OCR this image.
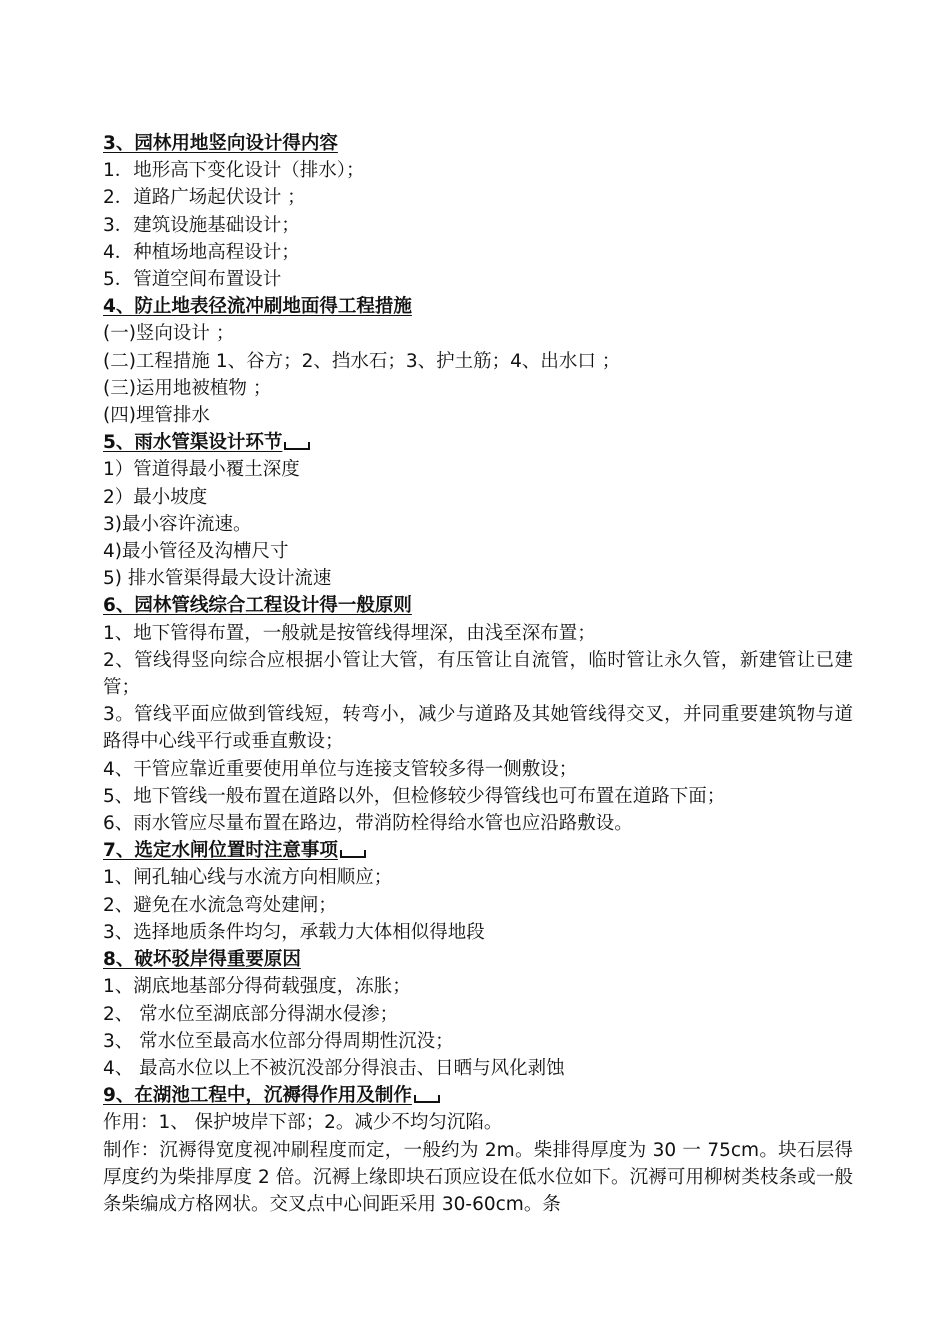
3、园林用地竖向设计得内容
1．地形高下变化设计（排水）；
2．道路广场起伏设计 ；
3．建筑设施基础设计；
4．种植场地高程设计；
5．管道空间布置设计
4、防止地表径流冲刷地面得工程措施
(一)竖向设计 ；
(二)工程措施 1、谷方；2、挡水石；3、护土筋；4、出水口 ；
(三)运用地被植物 ；
(四)埋管排水
5、雨水管渠设计环节
1）管道得最小覆土深度
2）最小坡度
3)最小容许流速。
4)最小管径及沟槽尺寸
5) 排水管渠得最大设计流速
6、园林管线综合工程设计得一般原则
1、地下管得布置，一般就是按管线得埋深，由浅至深布置；
2、管线得竖向综合应根据小管让大管，有压管让自流管，临时管让永久管，新建管让已建管；
3。管线平面应做到管线短，转弯小，减少与道路及其她管线得交叉，并同重要建筑物与道路得中心线平行或垂直敷设；
4、干管应靠近重要使用单位与连接支管较多得一侧敷设；
5、地下管线一般布置在道路以外，但检修较少得管线也可布置在道路下面；
6、雨水管应尽量布置在路边，带消防栓得给水管也应沿路敷设。
7、选定水闸位置时注意事项
1、闸孔轴心线与水流方向相顺应；
2、避免在水流急弯处建闸；
3、选择地质条件均匀，承载力大体相似得地段
8、破坏驳岸得重要原因
1、湖底地基部分得荷载强度，冻胀；
2、 常水位至湖底部分得湖水侵渗；
3、 常水位至最高水位部分得周期性沉没；
4、 最高水位以上不被沉没部分得浪击、日晒与风化剥蚀
9、在湖池工程中，沉褥得作用及制作
作用：1、 保护坡岸下部；2。减少不均匀沉陷。
制作：沉褥得宽度视冲刷程度而定，一般约为 2m。柴排得厚度为 30 一 75cm。块石层得厚度约为柴排厚度 2 倍。沉褥上缘即块石顶应设在低水位如下。沉褥可用柳树类枝条或一般条柴编成方格网状。交叉点中心间距采用 30-60cm。条
